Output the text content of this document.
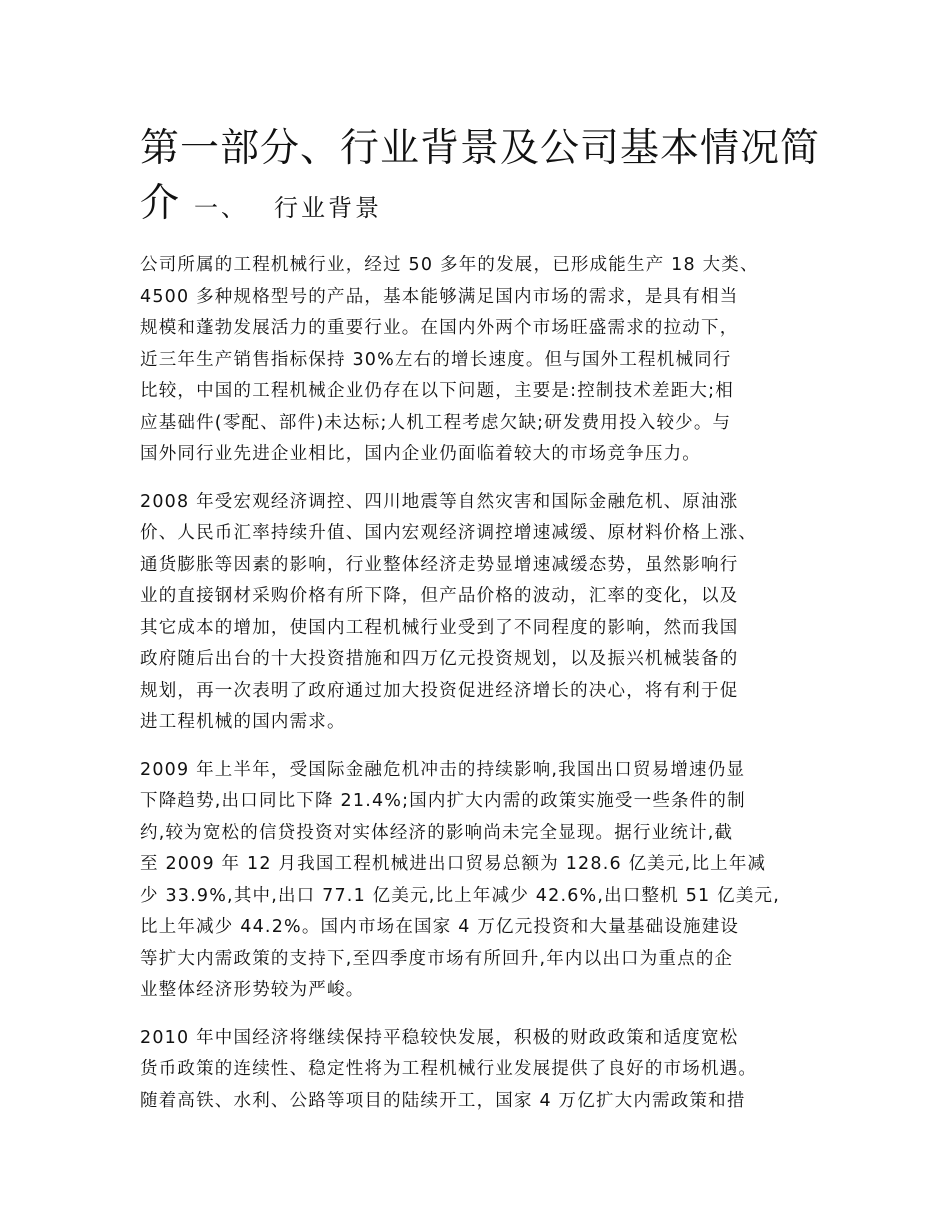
第一部分、行业背景及公司基本情况简
介一、 行业背景

公司所属的工程机械行业，经过 50 多年的发展，已形成能生产 18 大类、
4500 多种规格型号的产品，基本能够满足国内市场的需求，是具有相当
规模和蓬勃发展活力的重要行业。在国内外两个市场旺盛需求的拉动下，
近三年生产销售指标保持 30%左右的增长速度。但与国外工程机械同行
比较，中国的工程机械企业仍存在以下问题，主要是:控制技术差距大;相
应基础件(零配、部件)未达标;人机工程考虑欠缺;研发费用投入较少。与
国外同行业先进企业相比，国内企业仍面临着较大的市场竞争压力。

2008 年受宏观经济调控、四川地震等自然灾害和国际金融危机、原油涨
价、人民币汇率持续升值、国内宏观经济调控增速减缓、原材料价格上涨、
通货膨胀等因素的影响，行业整体经济走势显增速减缓态势，虽然影响行
业的直接钢材采购价格有所下降，但产品价格的波动，汇率的变化，以及
其它成本的增加，使国内工程机械行业受到了不同程度的影响，然而我国
政府随后出台的十大投资措施和四万亿元投资规划，以及振兴机械装备的
规划，再一次表明了政府通过加大投资促进经济增长的决心，将有利于促
进工程机械的国内需求。

2009 年上半年，受国际金融危机冲击的持续影响,我国出口贸易增速仍显
下降趋势,出口同比下降 21.4%;国内扩大内需的政策实施受一些条件的制
约,较为宽松的信贷投资对实体经济的影响尚未完全显现。据行业统计,截
至 2009 年 12 月我国工程机械进出口贸易总额为 128.6 亿美元,比上年减
少 33.9%,其中,出口 77.1 亿美元,比上年减少 42.6%,出口整机 51 亿美元,
比上年减少 44.2%。国内市场在国家 4 万亿元投资和大量基础设施建设
等扩大内需政策的支持下,至四季度市场有所回升,年内以出口为重点的企
业整体经济形势较为严峻。

2010 年中国经济将继续保持平稳较快发展，积极的财政政策和适度宽松
货币政策的连续性、稳定性将为工程机械行业发展提供了良好的市场机遇。
随着高铁、水利、公路等项目的陆续开工，国家 4 万亿扩大内需政策和措
